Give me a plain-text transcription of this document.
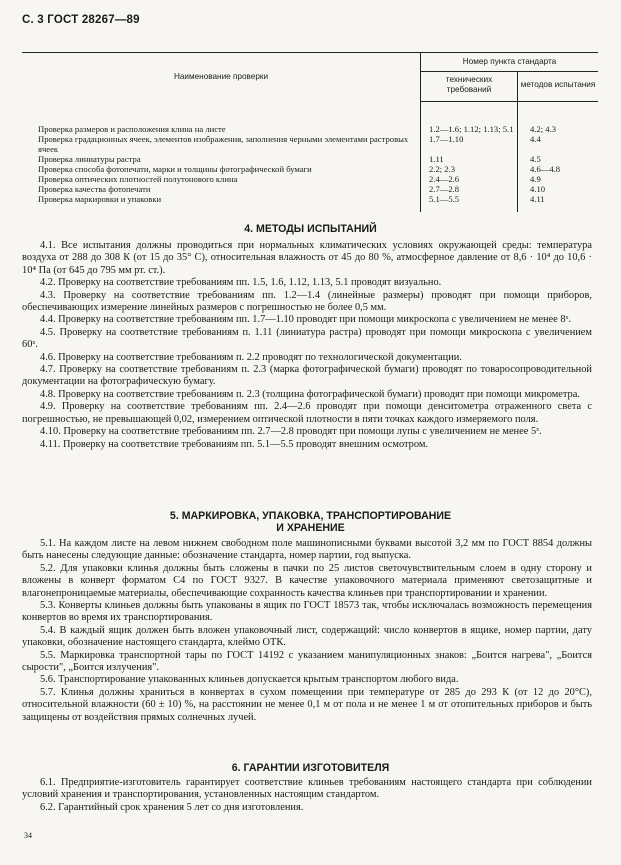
С. 3 ГОСТ 28267—89
Наименование проверки	Номер пункта стандарта	
	технических требований	методов испытания
Проверка размеров и расположения клина на листе	1.2—1.6; 1.12; 1.13; 5.1	4.2; 4.3
Проверка градационных ячеек, элементов изображения, заполнения черными элементами растровых ячеек	1.7—1.10	4.4
Проверка линиатуры растра	1.11	4.5
Проверка способа фотопечати, марки и толщины фотографической бумаги	2.2; 2.3	4.6—4.8
Проверка оптических плотностей полутонового клина	2.4—2.6	4.9
Проверка качества фотопечати	2.7—2.8	4.10
Проверка маркировки и упаковки	5.1—5.5	4.11
4. МЕТОДЫ ИСПЫТАНИЙ

4.1. Все испытания должны проводиться при нормальных климатических условиях окружающей среды: температура воздуха от 288 до 308 К (от 15 до 35° С), относительная влажность от 45 до 80 %, атмосферное давление от 8,6 · 10⁴ до 10,6 · 10⁴ Па (от 645 до 795 мм рт. ст.).

4.2. Проверку на соответствие требованиям пп. 1.5, 1.6, 1.12, 1.13, 5.1 проводят визуально.

4.3. Проверку на соответствие требованиям пп. 1.2—1.4 (линейные размеры) проводят при помощи приборов, обеспечивающих измерение линейных размеров с погрешностью не более 0,5 мм.

4.4. Проверку на соответствие требованиям пп. 1.7—1.10 проводят при помощи микроскопа с увеличением не менее 8ˣ.

4.5. Проверку на соответствие требованиям п. 1.11 (линиатура растра) проводят при помощи микроскопа с увеличением 60ˣ.

4.6. Проверку на соответствие требованиям п. 2.2 проводят по технологической документации.

4.7. Проверку на соответствие требованиям п. 2.3 (марка фотографической бумаги) проводят по товаросопроводительной документации на фотографическую бумагу.

4.8. Проверку на соответствие требованиям п. 2.3 (толщина фотографической бумаги) проводят при помощи микрометра.

4.9. Проверку на соответствие требованиям пп. 2.4—2.6 проводят при помощи денситометра отраженного света с погрешностью, не превышающей 0,02, измерением оптической плотности в пяти точках каждого измеряемого поля.

4.10. Проверку на соответствие требованиям пп. 2.7—2.8 проводят при помощи лупы с увеличением не менее 5ˣ.

4.11. Проверку на соответствие требованиям пп. 5.1—5.5 проводят внешним осмотром.

5. МАРКИРОВКА, УПАКОВКА, ТРАНСПОРТИРОВАНИЕ
И ХРАНЕНИЕ

5.1. На каждом листе на левом нижнем свободном поле машинописными буквами высотой 3,2 мм по ГОСТ 8854 должны быть нанесены следующие данные: обозначение стандарта, номер партии, год выпуска.

5.2. Для упаковки клинья должны быть сложены в пачки по 25 листов светочувствительным слоем в одну сторону и вложены в конверт форматом С4 по ГОСТ 9327. В качестве упаковочного материала применяют светозащитные и влагонепроницаемые материалы, обеспечивающие сохранность качества клиньев при транспортировании и хранении.

5.3. Конверты клиньев должны быть упакованы в ящик по ГОСТ 18573 так, чтобы исключалась возможность перемещения конвертов во время их транспортирования.

5.4. В каждый ящик должен быть вложен упаковочный лист, содержащий: число конвертов в ящике, номер партии, дату упаковки, обозначение настоящего стандарта, клеймо ОТК.

5.5. Маркировка транспортной тары по ГОСТ 14192 с указанием манипуляционных знаков: „Боится нагрева", „Боится сырости", „Боится излучения".

5.6. Транспортирование упакованных клиньев допускается крытым транспортом любого вида.

5.7. Клинья должны храниться в конвертах в сухом помещении при температуре от 285 до 293 К (от 12 до 20°С), относительной влажности (60 ± 10) %, на расстоянии не менее 0,1 м от пола и не менее 1 м от отопительных приборов и быть защищены от воздействия прямых солнечных лучей.

6. ГАРАНТИИ ИЗГОТОВИТЕЛЯ

6.1. Предприятие-изготовитель гарантирует соответствие клиньев требованиям настоящего стандарта при соблюдении условий хранения и транспортирования, установленных настоящим стандартом.

6.2. Гарантийный срок хранения 5 лет со дня изготовления.

34
